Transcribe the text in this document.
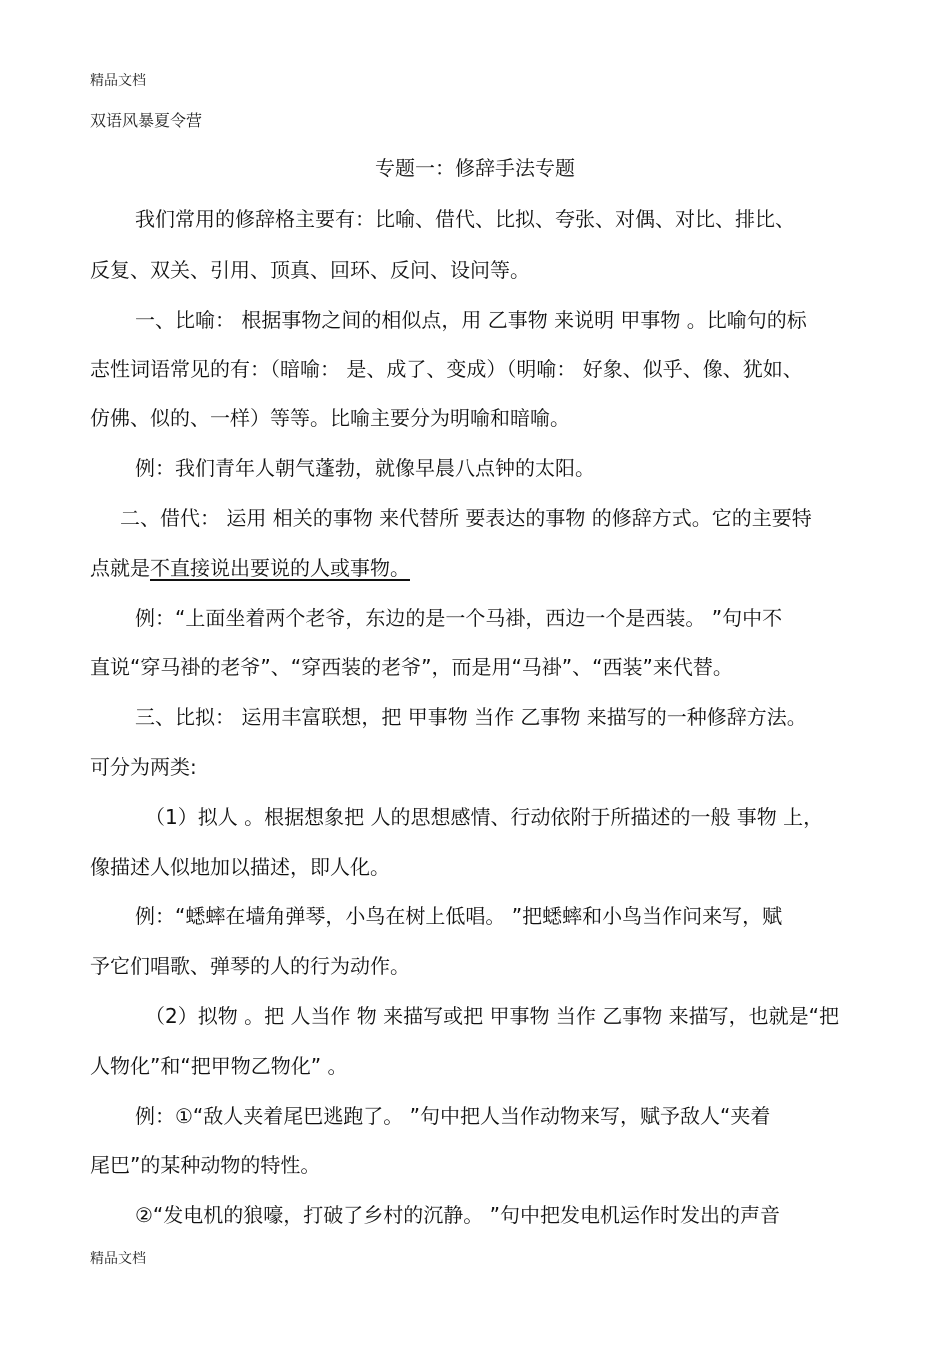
精品文档
双语风暴夏令营
专题一：修辞手法专题
我们常用的修辞格主要有：比喻、借代、比拟、夸张、对偶、对比、排比、
反复、双关、引用、顶真、回环、反问、设问等。
一、比喻： 根据事物之间的相似点，用 乙事物 来说明 甲事物 。比喻句的标
志性词语常见的有：（暗喻： 是、成了、变成）（明喻： 好象、似乎、像、犹如、
仿佛、似的、一样）等等。比喻主要分为明喻和暗喻。
例：我们青年人朝气蓬勃，就像早晨八点钟的太阳。
二、借代： 运用 相关的事物 来代替所 要表达的事物 的修辞方式。它的主要特
点就是不直接说出要说的人或事物。
例：“上面坐着两个老爷，东边的是一个马褂，西边一个是西装。 ”句中不
直说“穿马褂的老爷”、“穿西装的老爷”，而是用“马褂”、“西装”来代替。
三、比拟： 运用丰富联想，把 甲事物 当作 乙事物 来描写的一种修辞方法。
可分为两类:
（1）拟人 。根据想象把 人的思想感情、行动依附于所描述的一般 事物 上，
像描述人似地加以描述，即人化。
例：“蟋蟀在墙角弹琴，小鸟在树上低唱。 ”把蟋蟀和小鸟当作问来写，赋
予它们唱歌、弹琴的人的行为动作。
（2）拟物 。把 人当作 物 来描写或把 甲事物 当作 乙事物 来描写，也就是“把
人物化”和“把甲物乙物化” 。
例：①“敌人夹着尾巴逃跑了。 ”句中把人当作动物来写，赋予敌人“夹着
尾巴”的某种动物的特性。
②“发电机的狼嚎，打破了乡村的沉静。 ”句中把发电机运作时发出的声音
精品文档
